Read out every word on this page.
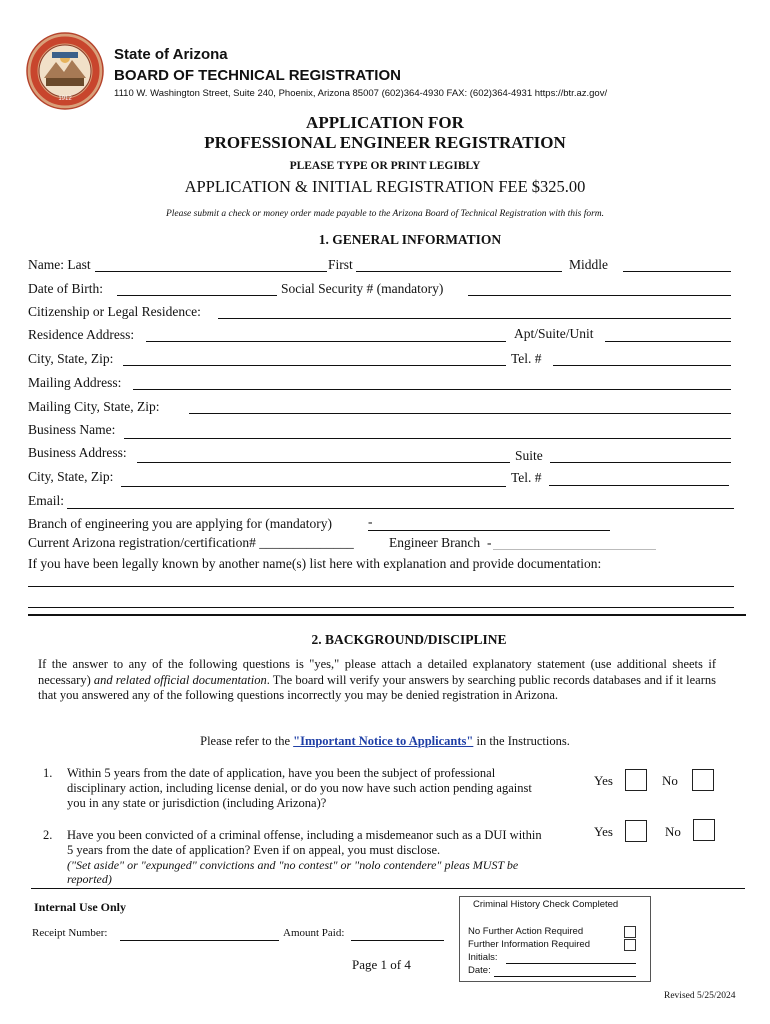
1912
State of Arizona
BOARD OF TECHNICAL REGISTRATION
1110 W. Washington Street, Suite 240, Phoenix, Arizona 85007 (602)364-4930 FAX: (602)364-4931 https://btr.az.gov/
APPLICATION FOR
PROFESSIONAL ENGINEER REGISTRATION
PLEASE TYPE OR PRINT LEGIBLY
APPLICATION & INITIAL REGISTRATION FEE $325.00
Please submit a check or money order made payable to the Arizona Board of Technical Registration with this form.
1. GENERAL INFORMATION
Name: Last	First	Middle
Date of Birth:	Social Security # (mandatory)
Citizenship or Legal Residence:
Residence Address:	Apt/Suite/Unit
City, State, Zip:	Tel. #
Mailing Address:
Mailing City, State, Zip:
Business Name:
Business Address:	Suite
City, State, Zip:	Tel. #
Email:
Branch of engineering you are applying for (mandatory)	-
Current Arizona registration/certification# ______________	Engineer Branch -
If you have been legally known by another name(s) list here with explanation and provide documentation:
2. BACKGROUND/DISCIPLINE
If the answer to any of the following questions is "yes," please attach a detailed explanatory statement (use additional sheets if necessary) and related official documentation. The board will verify your answers by searching public records databases and if it learns that you answered any of the following questions incorrectly you may be denied registration in Arizona.
Please refer to the "Important Notice to Applicants" in the Instructions.
1. Within 5 years from the date of application, have you been the subject of professional disciplinary action, including license denial, or do you now have such action pending against you in any state or jurisdiction (including Arizona)?
Yes	No
2. Have you been convicted of a criminal offense, including a misdemeanor such as a DUI within 5 years from the date of application? Even if on appeal, you must disclose.
("Set aside" or "expunged" convictions and "no contest" or "nolo contendere" pleas MUST be reported)
Yes	No
Internal Use Only
Receipt Number:	Amount Paid:
Page 1 of 4
Criminal History Check Completed
No Further Action Required
Further Information Required
Initials:
Date:
Revised 5/25/2024
